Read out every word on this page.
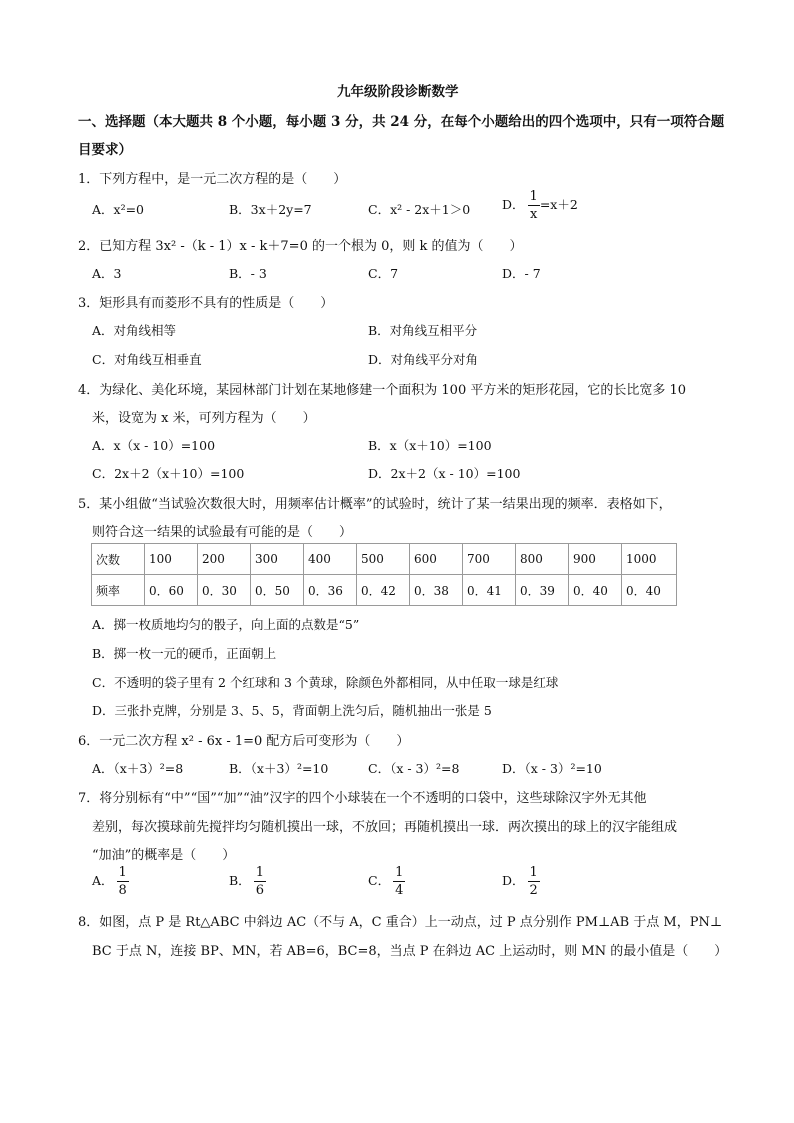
九年级阶段诊断数学
一、选择题（本大题共 8 个小题，每小题 3 分，共 24 分，在每个小题给出的四个选项中，只有一项符合题
目要求）
1．下列方程中，是一元二次方程的是（　　）
A．x²=0	B．3x＋2y=7	C．x² - 2x＋1＞0	D． $\frac{1}{x} =x+2$
2．已知方程 3x² -（k - 1）x - k＋7=0 的一个根为 0，则 k 的值为（　　）
A．3	B．- 3	C．7	D．- 7
3．矩形具有而菱形不具有的性质是（　　）
A．对角线相等	B．对角线互相平分
C．对角线互相垂直	D．对角线平分对角
4．为绿化、美化环境，某园林部门计划在某地修建一个面积为 100 平方米的矩形花园，它的长比宽多 10
米，设宽为 x 米，可列方程为（　　）
A．x（x - 10）=100	B．x（x＋10）=100
C．2x＋2（x＋10）=100	D．2x＋2（x - 10）=100
5．某小组做“当试验次数很大时，用频率估计概率”的试验时，统计了某一结果出现的频率．表格如下，
则符合这一结果的试验最有可能的是（　　）
次数	100	200	300	400	500	600	700	800	900	1000
频率	0．60	0．30	0．50	0．36	0．42	0．38	0．41	0．39	0．40	0．40
A．掷一枚质地均匀的骰子，向上面的点数是“5”
B．掷一枚一元的硬币，正面朝上
C．不透明的袋子里有 2 个红球和 3 个黄球，除颜色外都相同，从中任取一球是红球
D．三张扑克牌，分别是 3、5、5，背面朝上洗匀后，随机抽出一张是 5
6．一元二次方程 x² - 6x - 1=0 配方后可变形为（　　）
A．（x＋3）²=8	B．（x＋3）²=10	C．（x - 3）²=8	D．（x - 3）²=10
7．将分别标有“中”“国”“加”“油”汉字的四个小球装在一个不透明的口袋中，这些球除汉字外无其他
差别，每次摸球前先搅拌均匀随机摸出一球，不放回；再随机摸出一球．两次摸出的球上的汉字能组成
“加油”的概率是（　　）
A． $\frac{1}{8}$	B． $\frac{1}{6}$	C． $\frac{1}{4}$	D． $\frac{1}{2}$
8．如图，点 P 是 Rt△ABC 中斜边 AC（不与 A，C 重合）上一动点，过 P 点分别作 PM⊥AB 于点 M，PN⊥
BC 于点 N，连接 BP、MN，若 AB=6，BC=8，当点 P 在斜边 AC 上运动时，则 MN 的最小值是（　　）
